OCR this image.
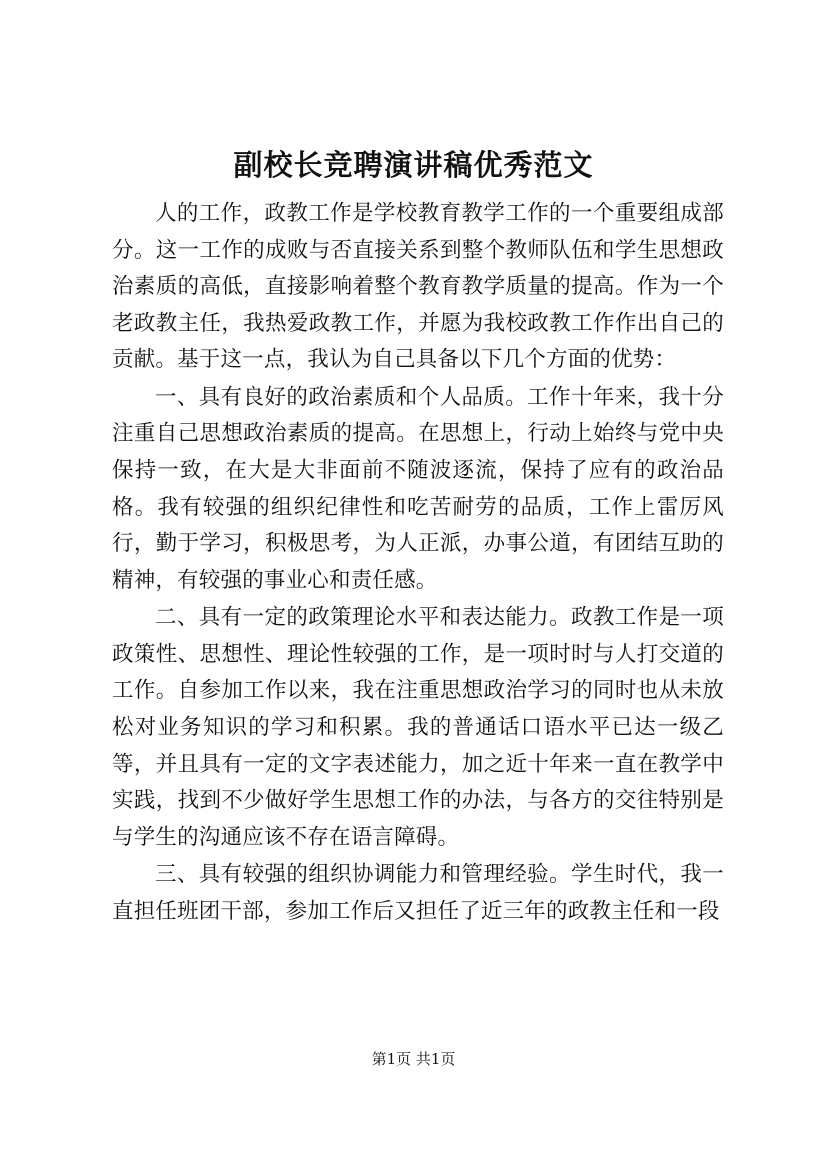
副校长竞聘演讲稿优秀范文

人的工作，政教工作是学校教育教学工作的一个重要组成部分。这一工作的成败与否直接关系到整个教师队伍和学生思想政治素质的高低，直接影响着整个教育教学质量的提高。作为一个老政教主任，我热爱政教工作，并愿为我校政教工作作出自己的贡献。基于这一点，我认为自己具备以下几个方面的优势：

一、具有良好的政治素质和个人品质。工作十年来，我十分注重自己思想政治素质的提高。在思想上，行动上始终与党中央保持一致，在大是大非面前不随波逐流，保持了应有的政治品格。我有较强的组织纪律性和吃苦耐劳的品质，工作上雷厉风行，勤于学习，积极思考，为人正派，办事公道，有团结互助的精神，有较强的事业心和责任感。

二、具有一定的政策理论水平和表达能力。政教工作是一项政策性、思想性、理论性较强的工作，是一项时时与人打交道的工作。自参加工作以来，我在注重思想政治学习的同时也从未放松对业务知识的学习和积累。我的普通话口语水平已达一级乙等，并且具有一定的文字表述能力，加之近十年来一直在教学中实践，找到不少做好学生思想工作的办法，与各方的交往特别是与学生的沟通应该不存在语言障碍。

三、具有较强的组织协调能力和管理经验。学生时代，我一直担任班团干部，参加工作后又担任了近三年的政教主任和一段

第1页 共1页
